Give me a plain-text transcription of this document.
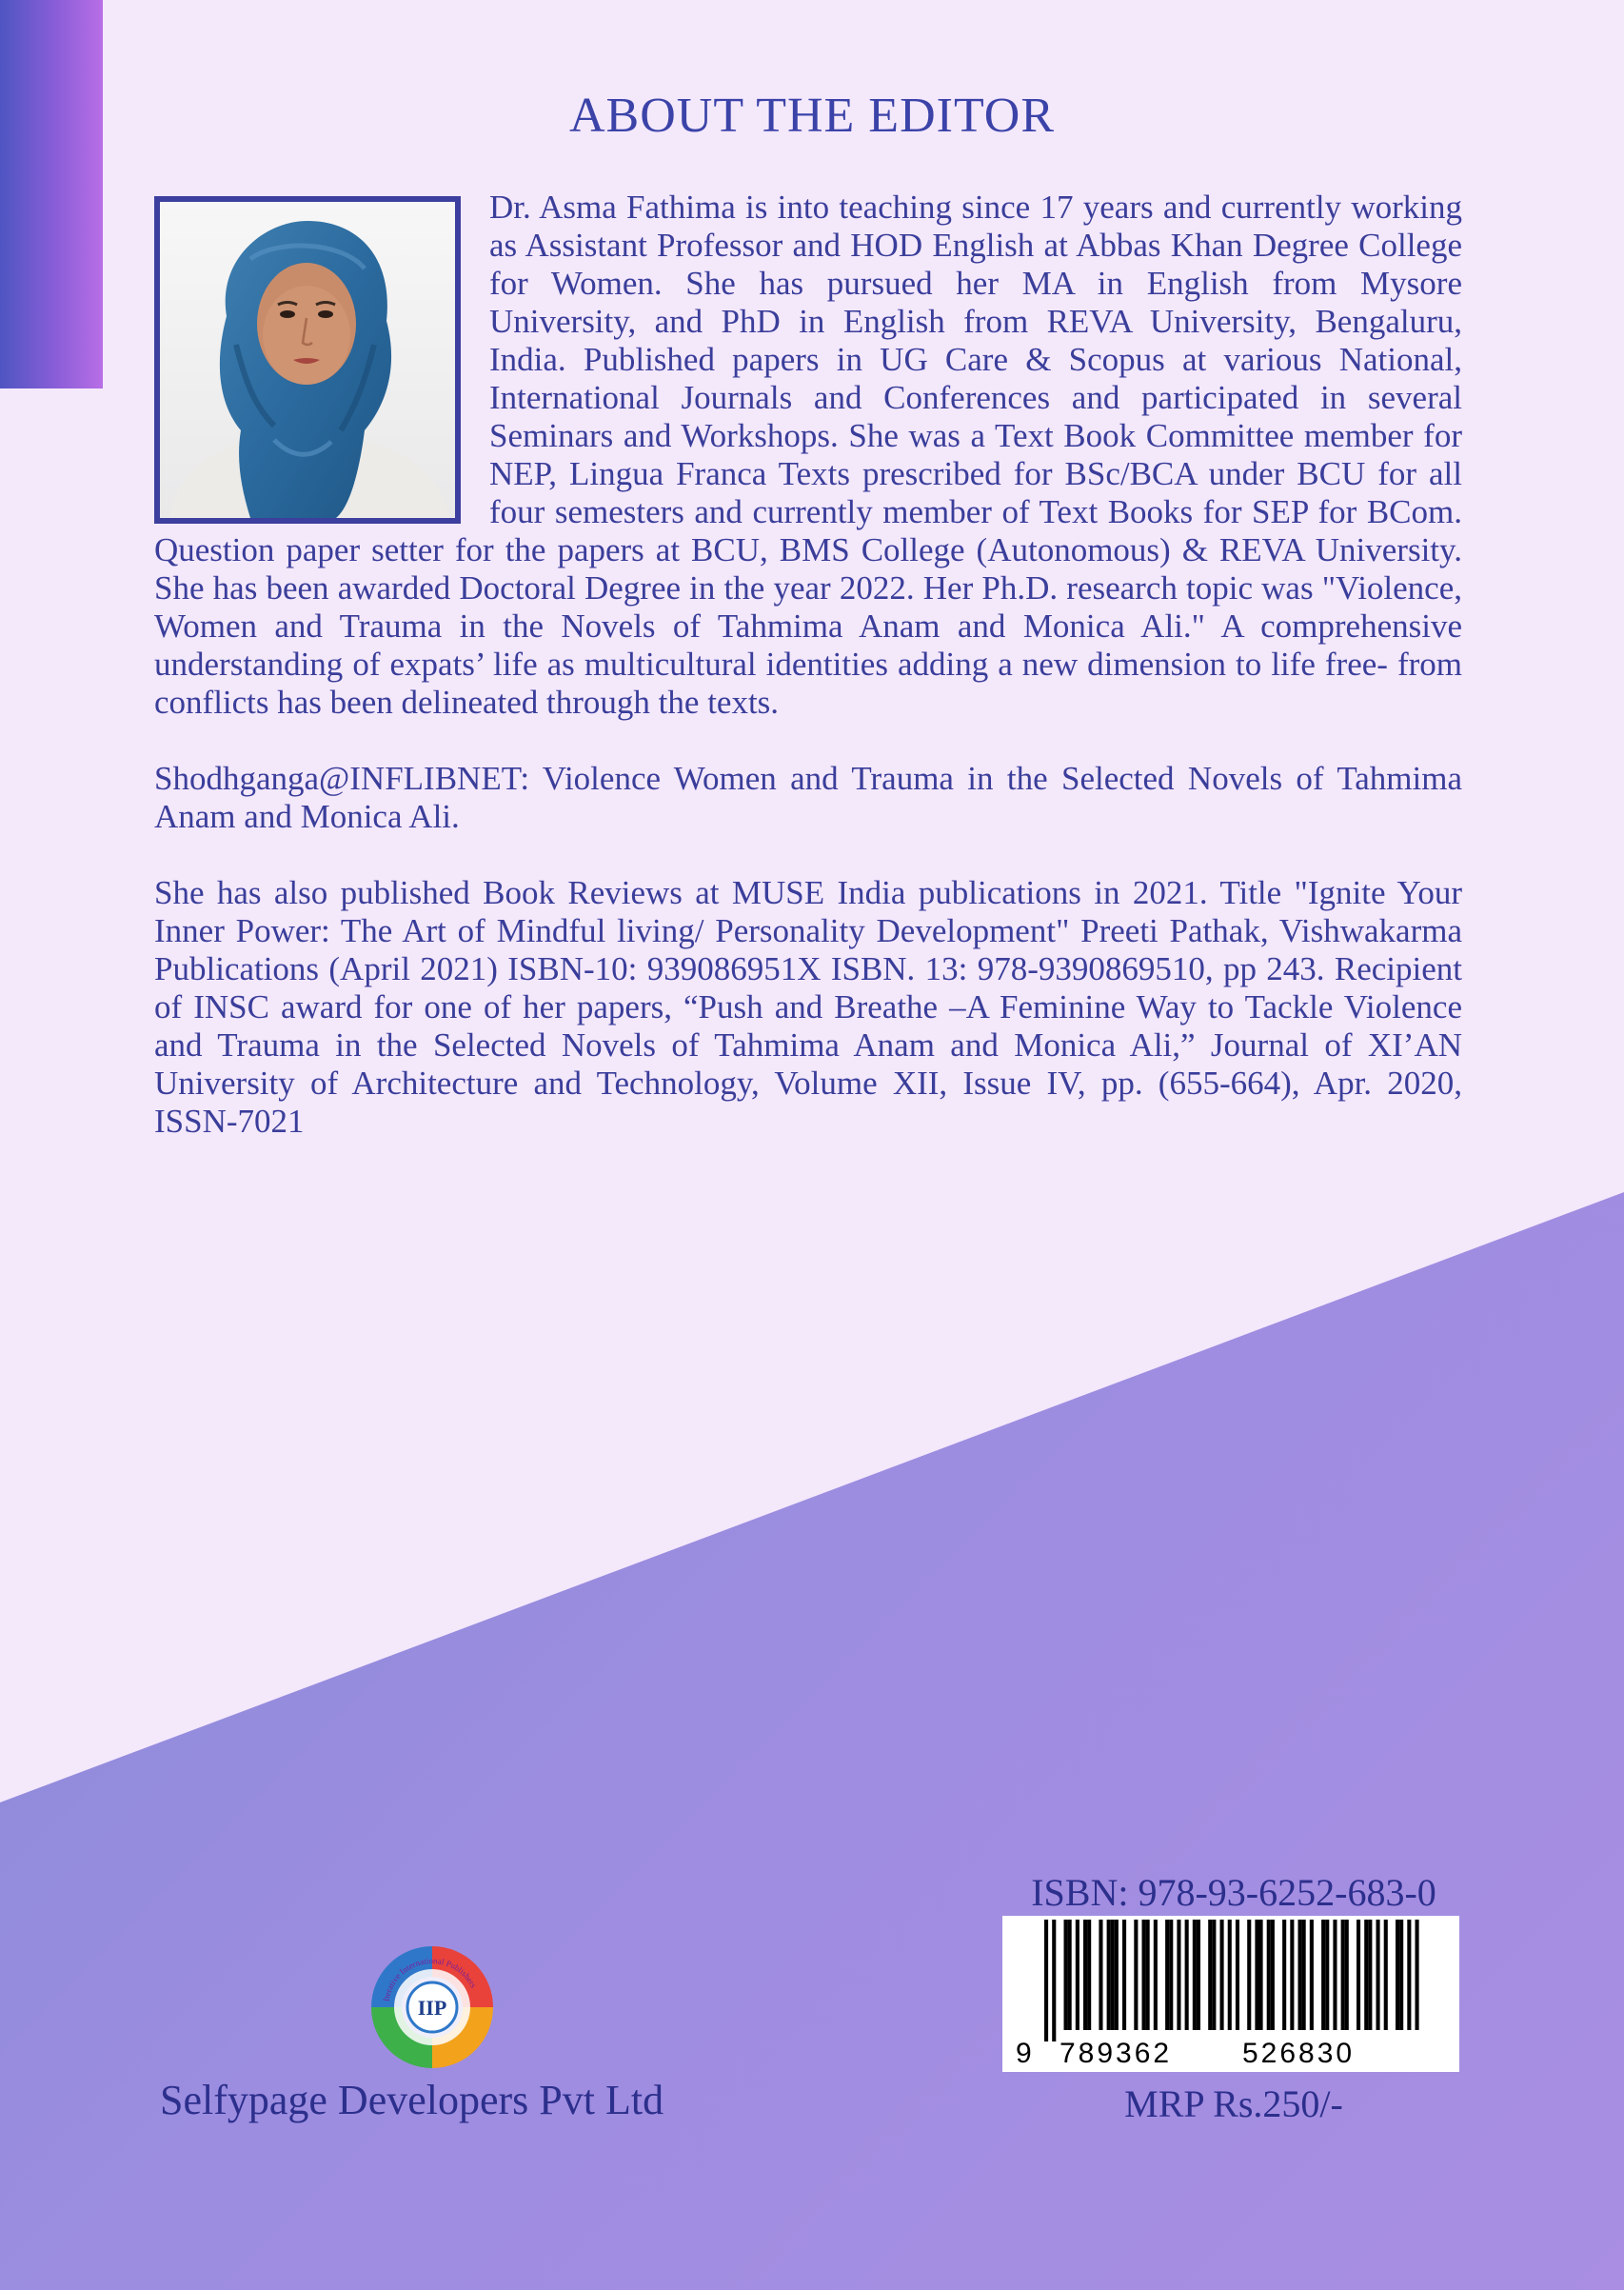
ABOUT THE EDITOR

Dr. Asma Fathima is into teaching since 17 years and currently working as Assistant Professor and HOD English at Abbas Khan Degree College for Women. She has pursued her MA in English from Mysore University, and PhD in English from REVA University, Bengaluru, India. Published papers in UG Care & Scopus at various National, International Journals and Conferences and participated in several Seminars and Workshops. She was a Text Book Committee member for NEP, Lingua Franca Texts prescribed for BSc/BCA under BCU for all four semesters and currently member of Text Books for SEP for BCom. Question paper setter for the papers at BCU, BMS College (Autonomous) & REVA University. She has been awarded Doctoral Degree in the year 2022. Her Ph.D. research topic was "Violence, Women and Trauma in the Novels of Tahmima Anam and Monica Ali." A comprehensive understanding of expats’ life as multicultural identities adding a new dimension to life free- from conflicts has been delineated through the texts.

Shodhganga@INFLIBNET: Violence Women and Trauma in the Selected Novels of Tahmima Anam and Monica Ali.

She has also published Book Reviews at MUSE India publications in 2021. Title "Ignite Your Inner Power: The Art of Mindful living/ Personality Development" Preeti Pathak, Vishwakarma Publications (April 2021) ISBN-10: 939086951X ISBN. 13: 978-9390869510, pp 243. Recipient of INSC award for one of her papers, “Push and Breathe –A Feminine Way to Tackle Violence and Trauma in the Selected Novels of Tahmima Anam and Monica Ali,” Journal of XI’AN University of Architecture and Technology, Volume XII, Issue IV, pp. (655-664), Apr. 2020, ISSN-7021

ISBN: 978-93-6252-683-0
9 789362 526830
MRP Rs.250/-
IIP
Iterative International Publishers
Selfypage Developers Pvt Ltd
